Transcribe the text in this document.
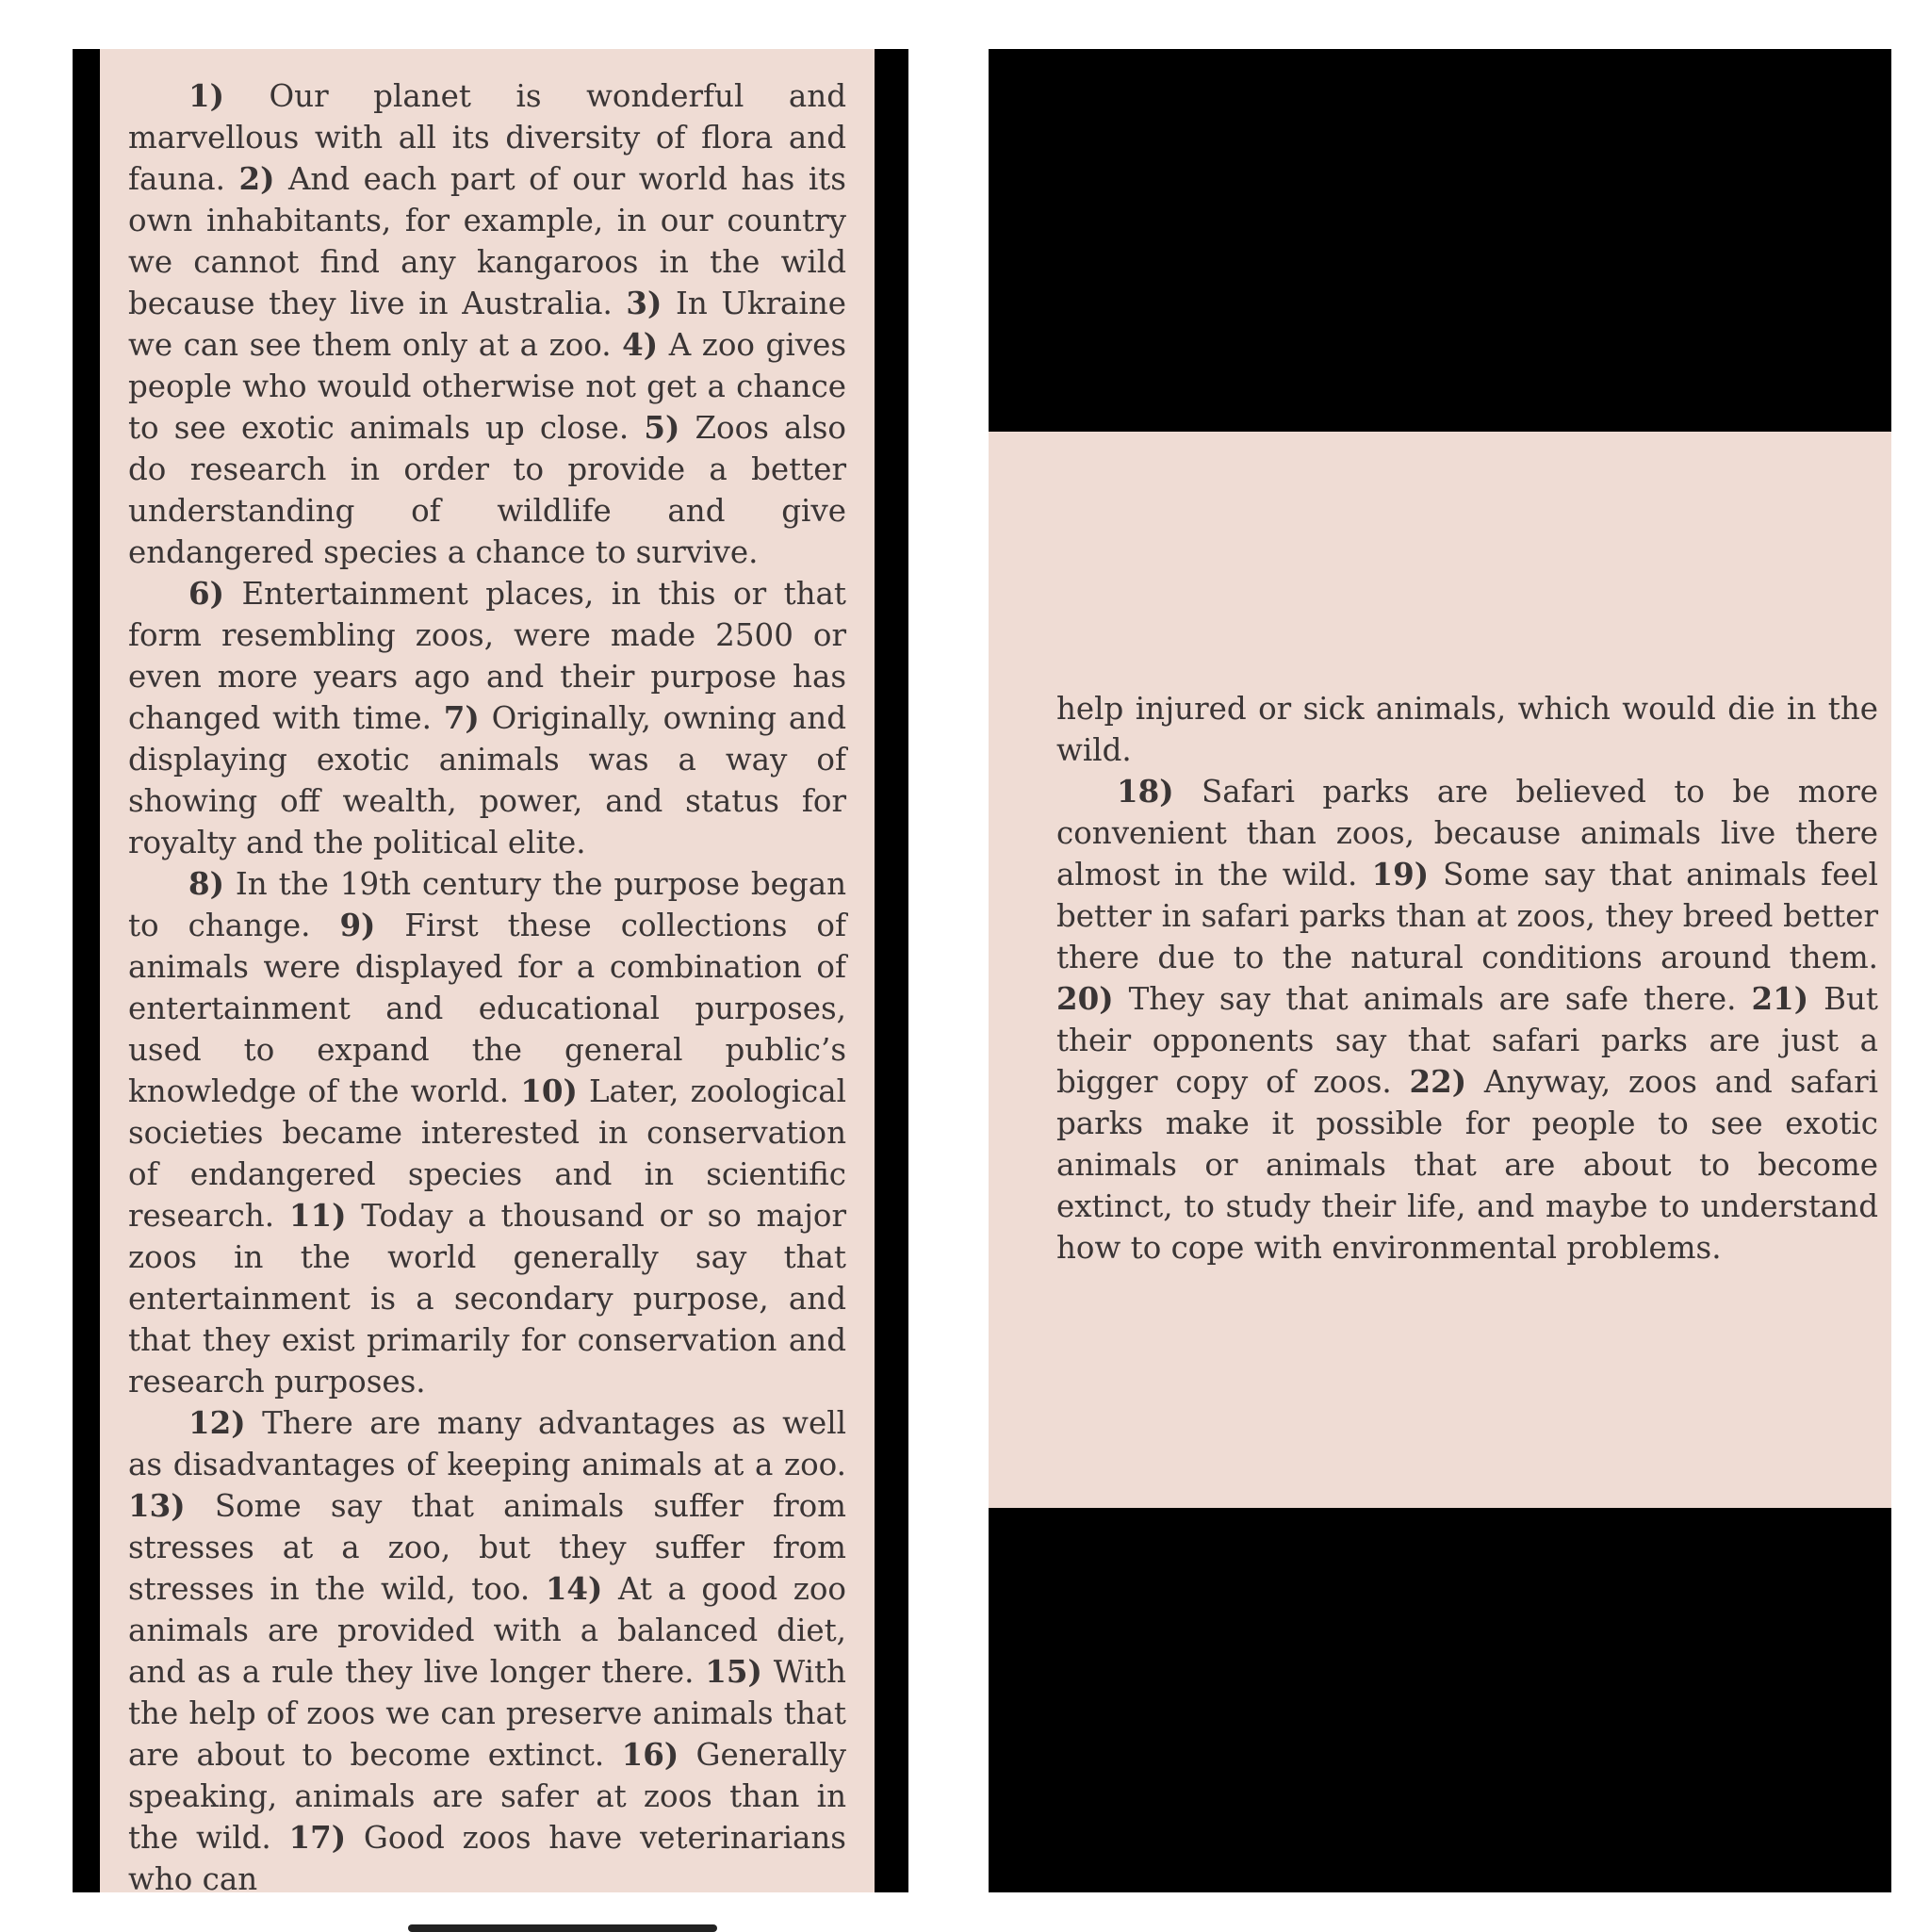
1) Our planet is wonderful and marvellous with all its diversity of flora and fauna. 2) And each part of our world has its own inhabitants, for example, in our country we cannot find any kangaroos in the wild because they live in Australia. 3) In Ukraine we can see them only at a zoo. 4) A zoo gives people who would otherwise not get a chance to see exotic animals up close. 5) Zoos also do research in order to provide a better understanding of wildlife and give endangered species a chance to survive.

6) Entertainment places, in this or that form resembling zoos, were made 2500 or even more years ago and their purpose has changed with time. 7) Originally, owning and displaying exotic animals was a way of showing off wealth, power, and status for royalty and the political elite.

8) In the 19th century the purpose began to change. 9) First these collections of animals were displayed for a combination of entertainment and educational purposes, used to expand the general public’s knowledge of the world. 10) Later, zoological societies became interested in conservation of endangered species and in scientific research. 11) Today a thousand or so major zoos in the world generally say that entertainment is a secondary purpose, and that they exist primarily for conservation and research purposes.

12) There are many advantages as well as disadvantages of keeping animals at a zoo. 13) Some say that animals suffer from stresses at a zoo, but they suffer from stresses in the wild, too. 14) At a good zoo animals are provided with a balanced diet, and as a rule they live longer there. 15) With the help of zoos we can preserve animals that are about to become extinct. 16) Generally speaking, animals are safer at zoos than in the wild. 17) Good zoos have veterinarians who can

help injured or sick animals, which would die in the wild.

18) Safari parks are believed to be more convenient than zoos, because animals live there almost in the wild. 19) Some say that animals feel better in safari parks than at zoos, they breed better there due to the natural conditions around them. 20) They say that animals are safe there. 21) But their opponents say that safari parks are just a bigger copy of zoos. 22) Anyway, zoos and safari parks make it possible for people to see exotic animals or animals that are about to become extinct, to study their life, and maybe to understand how to cope with environmental problems.
